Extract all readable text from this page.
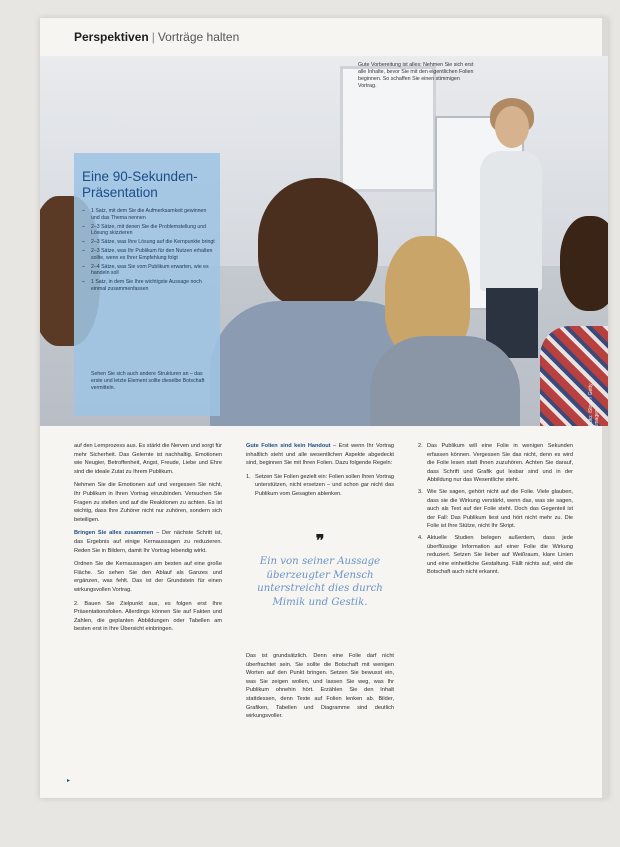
Perspektiven | Vorträge halten
Foto: iStock / Getty Images
Gute Vorbereitung ist alles: Nehmen Sie sich erst alle Inhalte, bevor Sie mit den eigentlichen Folien beginnen. So schaffen Sie einen stimmigen Vortrag.
Eine 90-Sekunden-Präsentation
– 1 Satz, mit dem Sie die Aufmerksamkeit gewinnen und das Thema nennen
– 2–3 Sätze, mit denen Sie die Problemstellung und Lösung skizzieren
– 2–3 Sätze, was Ihre Lösung auf die Kernpunkte bringt
– 2–3 Sätze, was Ihr Publikum für den Nutzen erhalten sollte, wenn es Ihrer Empfehlung folgt
– 2–4 Sätze, was Sie vom Publikum erwarten, wie es handeln soll
– 1 Satz, in dem Sie Ihre wichtigste Aussage noch einmal zusammenfassen

Sehen Sie sich auch andere Strukturen an – das erste und letzte Element sollte dieselbe Botschaft vermitteln.

auf den Lernprozess aus. Es stärkt die Nerven und sorgt für mehr Sicherheit. Das Gelernte ist nachhaltig. Emotionen wie Neugier, Betroffenheit, Angst, Freude, Liebe und Ehre sind die ideale Zutat zu Ihrem Publikum.

Nehmen Sie die Emotionen auf und vergessen Sie nicht, Ihr Publikum in Ihren Vortrag einzubinden. Versuchen Sie Fragen zu stellen und auf die Reaktionen zu achten. Es ist wichtig, dass Ihre Zuhörer nicht nur zuhören, sondern sich beteiligen.

Bringen Sie alles zusammen – Der nächste Schritt ist, das Ergebnis auf einige Kernaussagen zu reduzieren. Reden Sie in Bildern, damit Ihr Vortrag lebendig wirkt.

Ordnen Sie die Kernaussagen am besten auf eine große Fläche. So sehen Sie den Ablauf als Ganzes und ergänzen, was fehlt. Das ist der Grundstein für einen wirkungsvollen Vortrag.

2. Bauen Sie Zielpunkt aus, es folgen erst Ihre Präsentationsfolien. Allerdings können Sie auf Fakten und Zahlen, die geplanten Abbildungen oder Tabellen am besten erst in Ihre Übersicht einbringen.

▸

Gute Folien sind kein Handout – Erst wenn Ihr Vortrag inhaltlich steht und alle wesentlichen Aspekte abgedeckt sind, beginnen Sie mit Ihren Folien. Dazu folgende Regeln:

1. Setzen Sie Folien gezielt ein: Folien sollen Ihren Vortrag unterstützen, nicht ersetzen – und schon gar nicht das Publikum vom Gesagten ablenken.
❞
Ein von seiner Aussage überzeugter Mensch unterstreicht dies durch Mimik und Gestik.

Das ist grundsätzlich. Denn eine Folie darf nicht überfrachtet sein. Sie sollte die Botschaft mit wenigen Worten auf den Punkt bringen. Setzen Sie bewusst ein, was Sie zeigen wollen, und lassen Sie weg, was Ihr Publikum ohnehin hört. Erzählen Sie den Inhalt stattdessen, denn Texte auf Folien lenken ab. Bilder, Grafiken, Tabellen und Diagramme sind deutlich wirkungsvoller.

2. Das Publikum will eine Folie in wenigen Sekunden erfassen können. Vergessen Sie das nicht, denn es wird die Folie lesen statt Ihnen zuzuhören. Achten Sie darauf, dass Schrift und Grafik gut lesbar sind und in der Abbildung nur das Wesentliche steht.
3. Wie Sie sagen, gehört nicht auf die Folie. Viele glauben, dass sie die Wirkung verstärkt, wenn das, was sie sagen, auch als Text auf der Folie steht. Doch das Gegenteil ist der Fall: Das Publikum liest und hört nicht mehr zu. Die Folie ist Ihre Stütze, nicht Ihr Skript.
4. Aktuelle Studien belegen außerdem, dass jede überflüssige Information auf einer Folie die Wirkung reduziert. Setzen Sie lieber auf Weißraum, klare Linien und eine einheitliche Gestaltung. Fällt nichts auf, wird die Botschaft auch nicht erkannt.
